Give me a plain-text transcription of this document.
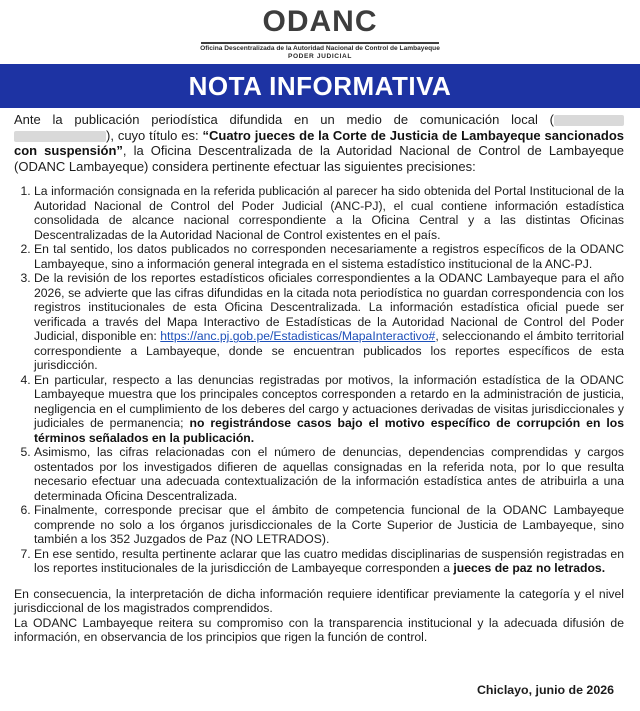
ODANC
Oficina Descentralizada de la Autoridad Nacional de Control de Lambayeque
PODER JUDICIAL
NOTA INFORMATIVA

Ante la publicación periodística difundida en un medio de comunicación local ( ), cuyo título es: “Cuatro jueces de la Corte de Justicia de Lambayeque sancionados con suspensión”, la Oficina Descentralizada de la Autoridad Nacional de Control de Lambayeque (ODANC Lambayeque) considera pertinente efectuar las siguientes precisiones:

1. La información consignada en la referida publicación al parecer ha sido obtenida del Portal Institucional de la Autoridad Nacional de Control del Poder Judicial (ANC-PJ), el cual contiene información estadística consolidada de alcance nacional correspondiente a la Oficina Central y a las distintas Oficinas Descentralizadas de la Autoridad Nacional de Control existentes en el país.
2. En tal sentido, los datos publicados no corresponden necesariamente a registros específicos de la ODANC Lambayeque, sino a información general integrada en el sistema estadístico institucional de la ANC-PJ.
3. De la revisión de los reportes estadísticos oficiales correspondientes a la ODANC Lambayeque para el año 2026, se advierte que las cifras difundidas en la citada nota periodística no guardan correspondencia con los registros institucionales de esta Oficina Descentralizada. La información estadística oficial puede ser verificada a través del Mapa Interactivo de Estadísticas de la Autoridad Nacional de Control del Poder Judicial, disponible en: https://anc.pj.gob.pe/Estadisticas/MapaInteractivo#, seleccionando el ámbito territorial correspondiente a Lambayeque, donde se encuentran publicados los reportes específicos de esta jurisdicción.
4. En particular, respecto a las denuncias registradas por motivos, la información estadística de la ODANC Lambayeque muestra que los principales conceptos corresponden a retardo en la administración de justicia, negligencia en el cumplimiento de los deberes del cargo y actuaciones derivadas de visitas jurisdiccionales y judiciales de permanencia; no registrándose casos bajo el motivo específico de corrupción en los términos señalados en la publicación.
5. Asimismo, las cifras relacionadas con el número de denuncias, dependencias comprendidas y cargos ostentados por los investigados difieren de aquellas consignadas en la referida nota, por lo que resulta necesario efectuar una adecuada contextualización de la información estadística antes de atribuirla a una determinada Oficina Descentralizada.
6. Finalmente, corresponde precisar que el ámbito de competencia funcional de la ODANC Lambayeque comprende no solo a los órganos jurisdiccionales de la Corte Superior de Justicia de Lambayeque, sino también a los 352 Juzgados de Paz (NO LETRADOS).
7. En ese sentido, resulta pertinente aclarar que las cuatro medidas disciplinarias de suspensión registradas en los reportes institucionales de la jurisdicción de Lambayeque corresponden a jueces de paz no letrados.

En consecuencia, la interpretación de dicha información requiere identificar previamente la categoría y el nivel jurisdiccional de los magistrados comprendidos.

La ODANC Lambayeque reitera su compromiso con la transparencia institucional y la adecuada difusión de información, en observancia de los principios que rigen la función de control.

Chiclayo, junio de 2026
